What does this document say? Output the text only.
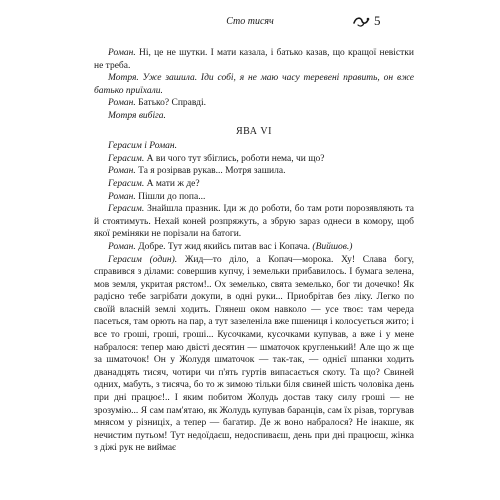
Сто тисяч	5

Роман. Ні, це не шутки. І мати казала, і батько казав, що кращої невістки не треба.

Мотря. Уже зашила. Іди собі, я не маю часу теревені править, он вже батько приїхали.

Роман. Батько? Справді.

Мотря вибіга.

ЯВА VI

Герасим і Роман.

Герасим. А ви чого тут збіглись, роботи нема, чи що?

Роман. Та я розірвав рукав... Мотря зашила.

Герасим. А мати ж де?

Роман. Пішли до попа...

Герасим. Знайшла празник. Іди ж до роботи, бо там роти порозявляють та й стоятимуть. Нехай коней розпряжуть, а збрую зараз однеси в комору, щоб якої реміняки не порізали на батоги.

Роман. Добре. Тут жид якийсь питав вас і Копача. (Вийшов.)

Герасим (один). Жид—то діло, а Копач—морока. Ху! Слава богу, справився з ділами: совершив купчу, і земельки прибавилось. І бумага зелена, мов земля, укритая рястом!.. Ох земелько, свята земелько, бог ти дочечко! Як радісно тебе загрібати докупи, в одні руки... Приобрітав без ліку. Легко по своїй власній землі ходить. Глянеш оком навколо — усе твоє: там череда пасеться, там орють на пар, а тут зазеленіла вже пшениця і колосується жито; і все то гроші, гроші, гроші... Кусочками, кусочками купував, а вже і у мене набралося: тепер маю двісті десятин — шматочок кругленький! Але що ж ще за шматочок! Он у Жолудя шматочок — так-так, — однієї шпанки ходить дванадцять тисяч, чотири чи п'ять гуртів випасається скоту. Та що? Свиней одних, мабуть, з тисяча, бо то ж зимою тільки біля свиней шість чоловіка день при дні працює!.. І яким побитом Жолудь достав таку силу гроші — не зрозумію... Я сам пам'ятаю, як Жолудь купував баранців, сам їх різав, торгував мнясом у різниціх, а тепер — багатир. Де ж воно набралося? Не інакше, як нечистим путьом! Тут недоїдаєш, недоспиваєш, день при дні працюєш, жінка з діжі рук не виймає
